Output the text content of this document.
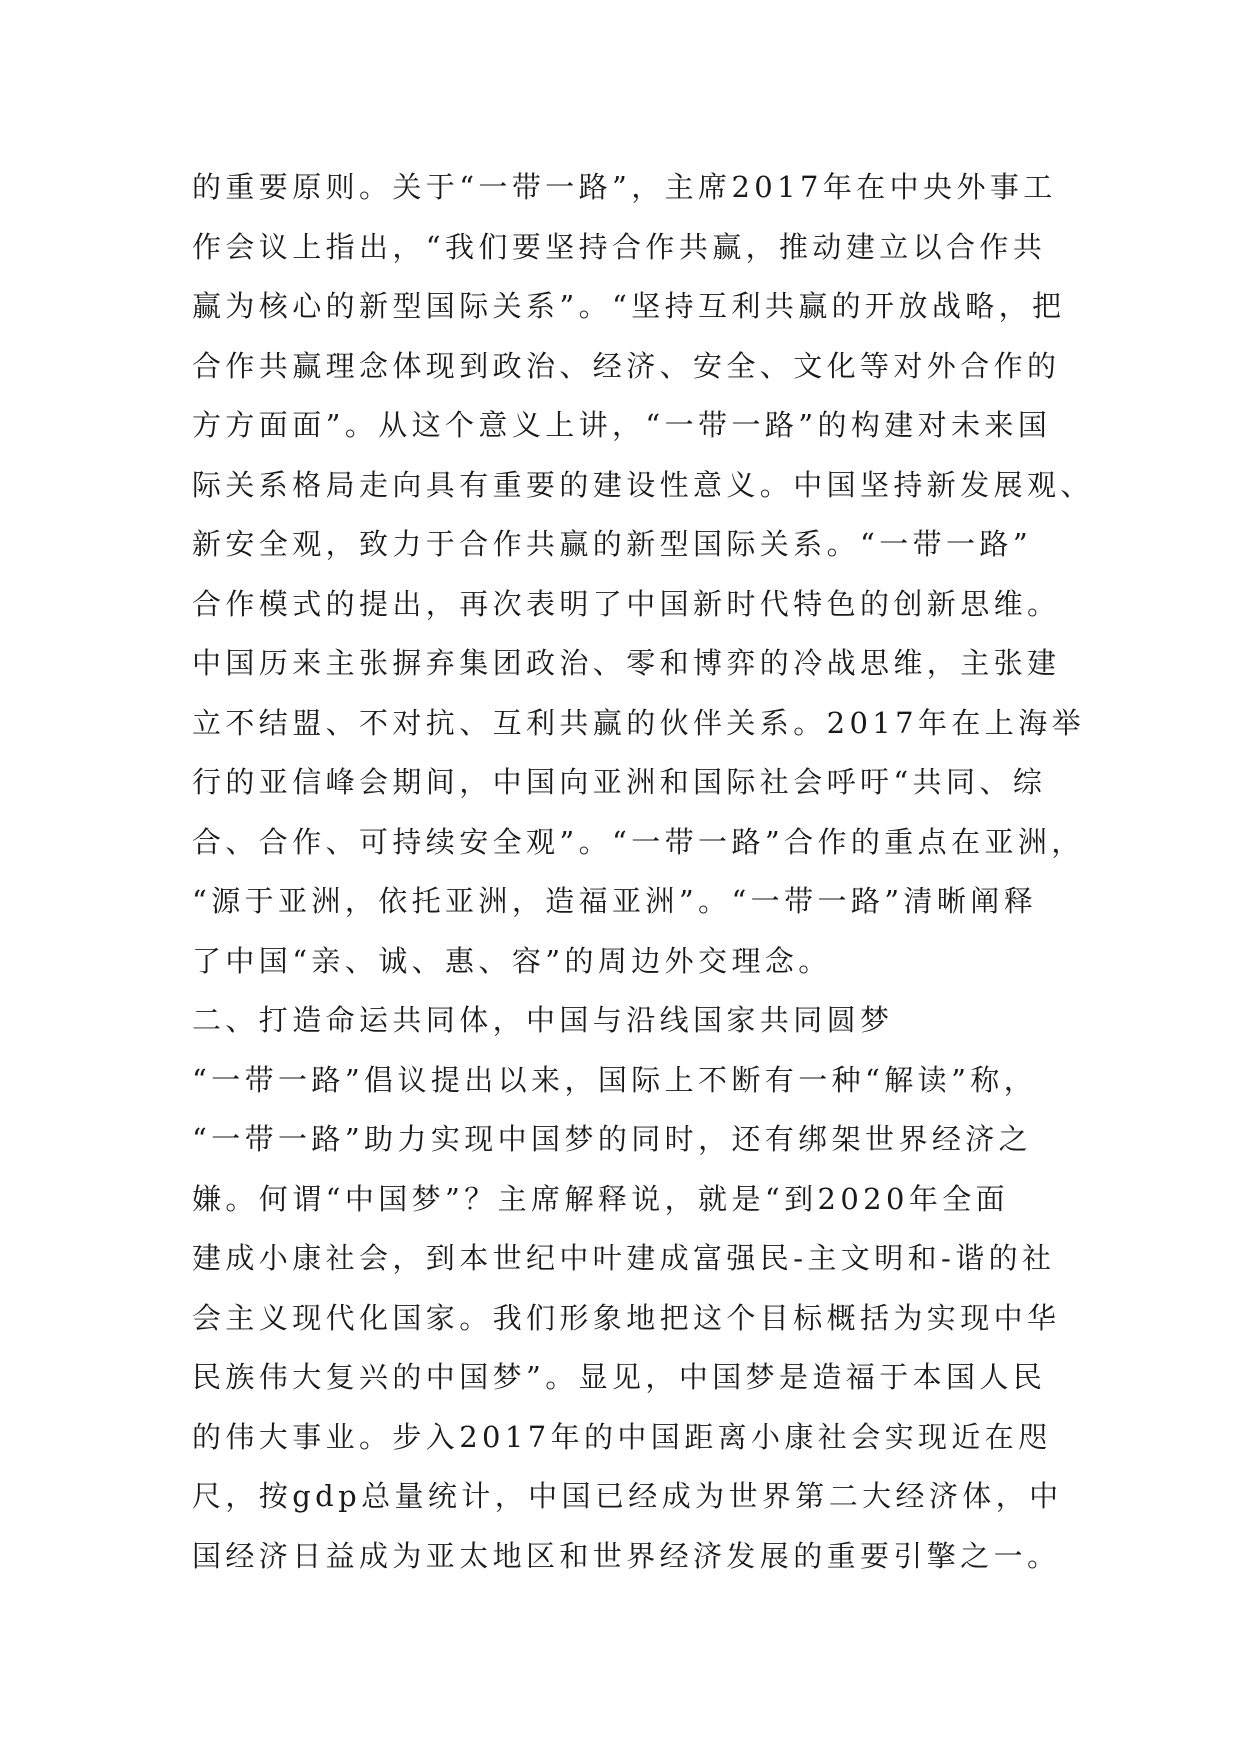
的重要原则。关于“一带一路”，主席2017年在中央外事工
作会议上指出，“我们要坚持合作共赢，推动建立以合作共
赢为核心的新型国际关系”。“坚持互利共赢的开放战略，把
合作共赢理念体现到政治、经济、安全、文化等对外合作的
方方面面”。从这个意义上讲，“一带一路”的构建对未来国
际关系格局走向具有重要的建设性意义。中国坚持新发展观、
新安全观，致力于合作共赢的新型国际关系。“一带一路”
合作模式的提出，再次表明了中国新时代特色的创新思维。
中国历来主张摒弃集团政治、零和博弈的冷战思维，主张建
立不结盟、不对抗、互利共赢的伙伴关系。2017年在上海举
行的亚信峰会期间，中国向亚洲和国际社会呼吁“共同、综
合、合作、可持续安全观”。“一带一路”合作的重点在亚洲，
“源于亚洲，依托亚洲，造福亚洲”。“一带一路”清晰阐释
了中国“亲、诚、惠、容”的周边外交理念。
二、打造命运共同体，中国与沿线国家共同圆梦
“一带一路”倡议提出以来，国际上不断有一种“解读”称，
“一带一路”助力实现中国梦的同时，还有绑架世界经济之
嫌。何谓“中国梦”？主席解释说，就是“到2020年全面
建成小康社会，到本世纪中叶建成富强民-主文明和-谐的社
会主义现代化国家。我们形象地把这个目标概括为实现中华
民族伟大复兴的中国梦”。显见，中国梦是造福于本国人民
的伟大事业。步入2017年的中国距离小康社会实现近在咫
尺，按gdp总量统计，中国已经成为世界第二大经济体，中
国经济日益成为亚太地区和世界经济发展的重要引擎之一。
